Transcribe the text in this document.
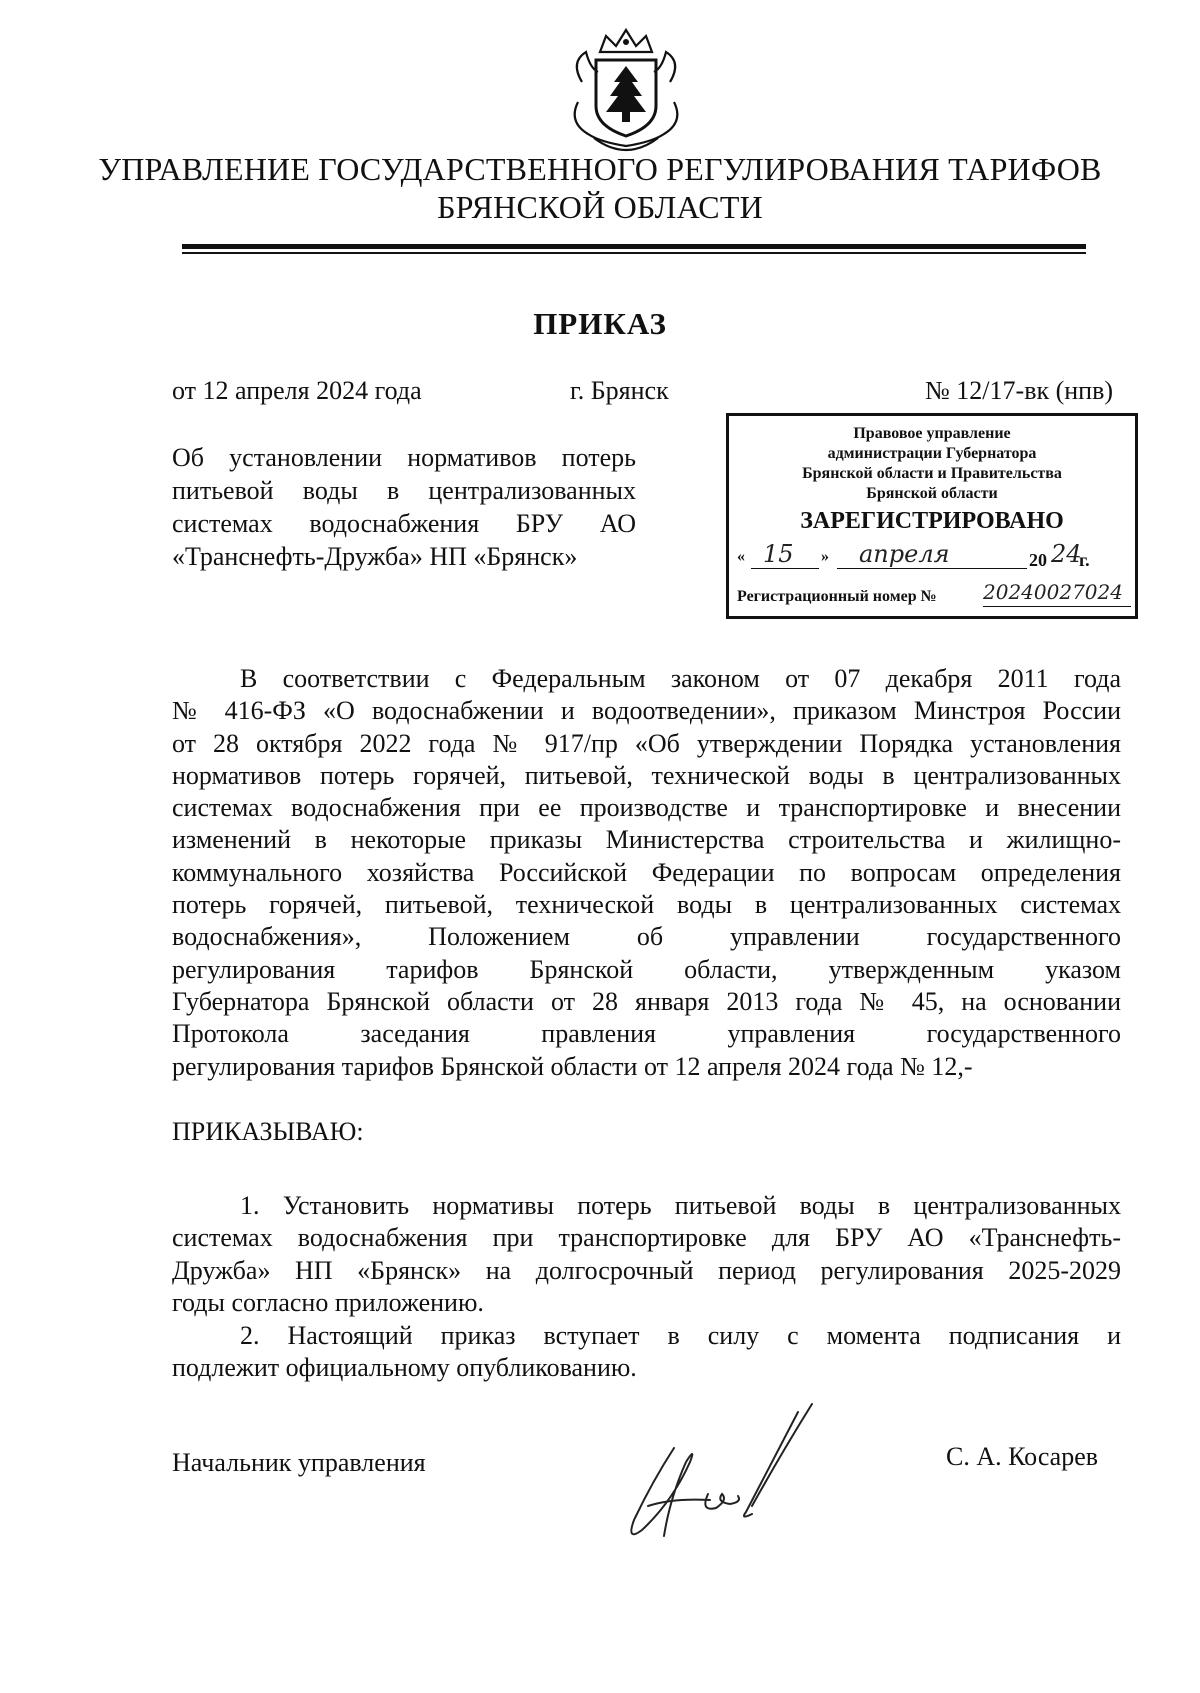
УПРАВЛЕНИЕ ГОСУДАРСТВЕННОГО РЕГУЛИРОВАНИЯ ТАРИФОВ
БРЯНСКОЙ ОБЛАСТИ
ПРИКАЗ
от 12 апреля 2024 года	г. Брянск	№ 12/17-вк (нпв)
Об установлении нормативов потерь
питьевой воды в централизованных
системах водоснабжения БРУ АО
«Транснефть-Дружба» НП «Брянск»
Правовое управление
администрации Губернатора
Брянской области и Правительства
Брянской области
ЗАРЕГИСТРИРОВАНО
« 15 » апреля	20 24
г.
Регистрационный номер № 20240027024
В соответствии с Федеральным законом от 07 декабря 2011 года
№ 416-ФЗ «О водоснабжении и водоотведении», приказом Минстроя России
от 28 октября 2022 года № 917/пр «Об утверждении Порядка установления
нормативов потерь горячей, питьевой, технической воды в централизованных
системах водоснабжения при ее производстве и транспортировке и внесении
изменений в некоторые приказы Министерства строительства и жилищно-
коммунального хозяйства Российской Федерации по вопросам определения
потерь горячей, питьевой, технической воды в централизованных системах
водоснабжения», Положением об управлении государственного
регулирования тарифов Брянской области, утвержденным указом
Губернатора Брянской области от 28 января 2013 года № 45, на основании
Протокола заседания правления управления государственного
регулирования тарифов Брянской области от 12 апреля 2024 года № 12,-
ПРИКАЗЫВАЮ:
1. Установить нормативы потерь питьевой воды в централизованных
системах водоснабжения при транспортировке для БРУ АО «Транснефть-
Дружба» НП «Брянск» на долгосрочный период регулирования 2025-2029
годы согласно приложению.
2. Настоящий приказ вступает в силу с момента подписания и
подлежит официальному опубликованию.
Начальник управления	С. А. Косарев
